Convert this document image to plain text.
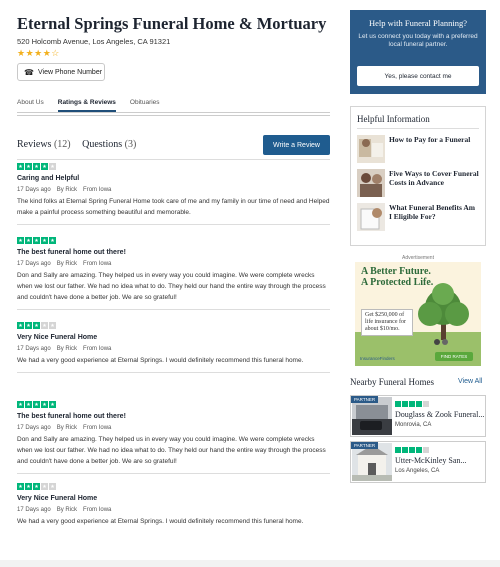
Eternal Springs Funeral Home & Mortuary
520 Holcomb Avenue, Los Angeles, CA 91321
★★★★☆
☎ View Phone Number
About Us Ratings & Reviews Obituaries
Reviews (12) Questions (3)	Write a Review
★ ★ ★ ★ ★
Caring and Helpful
17 Days ago By Rick From Iowa
The kind folks at Eternal Spring Funeral Home took care of me and my family in our time of need and Helped make a painful process something beautiful and memorable.
★ ★ ★ ★ ★
The best funeral home out there!
17 Days ago By Rick From Iowa
Don and Sally are amazing. They helped us in every way you could imagine. We were complete wrecks when we lost our father. We had no idea what to do. They held our hand the entire way through the process and couldn't have done a better job. We are so grateful!
★ ★ ★ ★ ★
Very Nice Funeral Home
17 Days ago By Rick From Iowa
We had a very good experience at Eternal Springs. I would definitely recommend this funeral home.
★ ★ ★ ★ ★
The best funeral home out there!
17 Days ago By Rick From Iowa
Don and Sally are amazing. They helped us in every way you could imagine. We were complete wrecks when we lost our father. We had no idea what to do. They held our hand the entire way through the process and couldn't have done a better job. We are so grateful!
★ ★ ★ ★ ★
Very Nice Funeral Home
17 Days ago By Rick From Iowa
We had a very good experience at Eternal Springs. I would definitely recommend this funeral home.
Help with Funeral Planning?
Let us connect you today with a preferred local funeral partner.
Yes, please contact me
Helpful Information
How to Pay for a Funeral
Five Ways to Cover Funeral Costs in Advance
What Funeral Benefits Am I Eligible For?
Advertisement
A Better Future.
A Protected Life.
Get $250,000 of life insurance for about $10/mo.
InsuranceFinders	FIND RATES
Nearby Funeral Homes	View All
PARTNER
Douglass & Zook Funeral...
Monrovia, CA
PARTNER
Utter-McKinley San...
Los Angeles, CA
